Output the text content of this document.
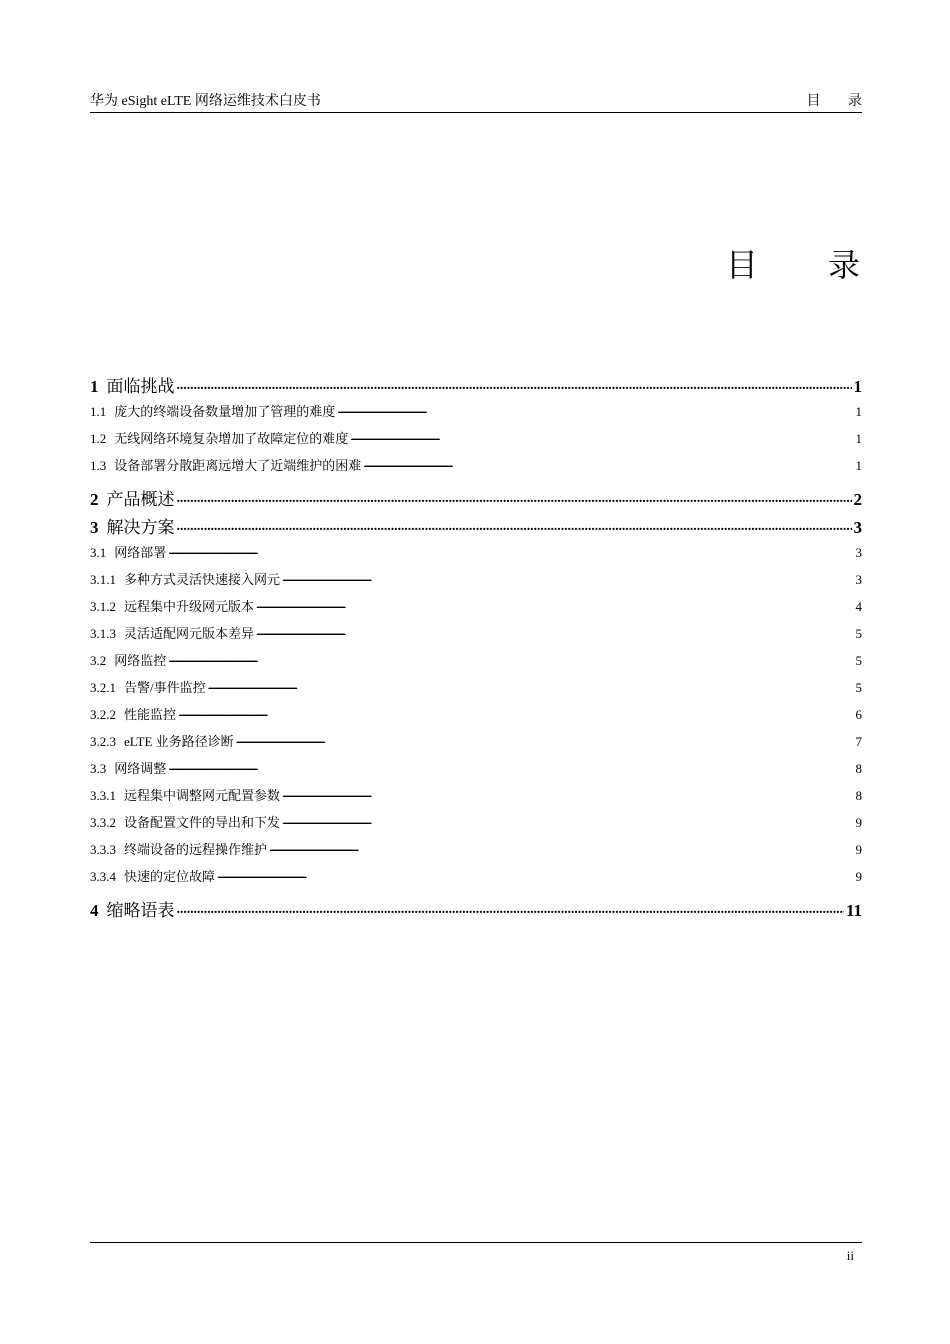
华为 eSight eLTE 网络运维技术白皮书	目 录
目 录
1 面临挑战 . . .	1
1.1 庞大的终端设备数量增加了管理的难度 . . .	1
1.2 无线网络环境复杂增加了故障定位的难度 . . .	1
1.3 设备部署分散距离远增大了近端维护的困难 . . .	1
2 产品概述 . . .	2
3 解决方案 . . .	3
3.1 网络部署 . . .	3
3.1.1 多种方式灵活快速接入网元 . . .	3
3.1.2 远程集中升级网元版本 . . .	4
3.1.3 灵活适配网元版本差异 . . .	5
3.2 网络监控 . . .	5
3.2.1 告警/事件监控 . . .	5
3.2.2 性能监控 . . .	6
3.2.3 eLTE 业务路径诊断 . . .	7
3.3 网络调整 . . .	8
3.3.1 远程集中调整网元配置参数 . . .	8
3.3.2 设备配置文件的导出和下发 . . .	9
3.3.3 终端设备的远程操作维护 . . .	9
3.3.4 快速的定位故障 . . .	9
4 缩略语表 . . .	11
ii
